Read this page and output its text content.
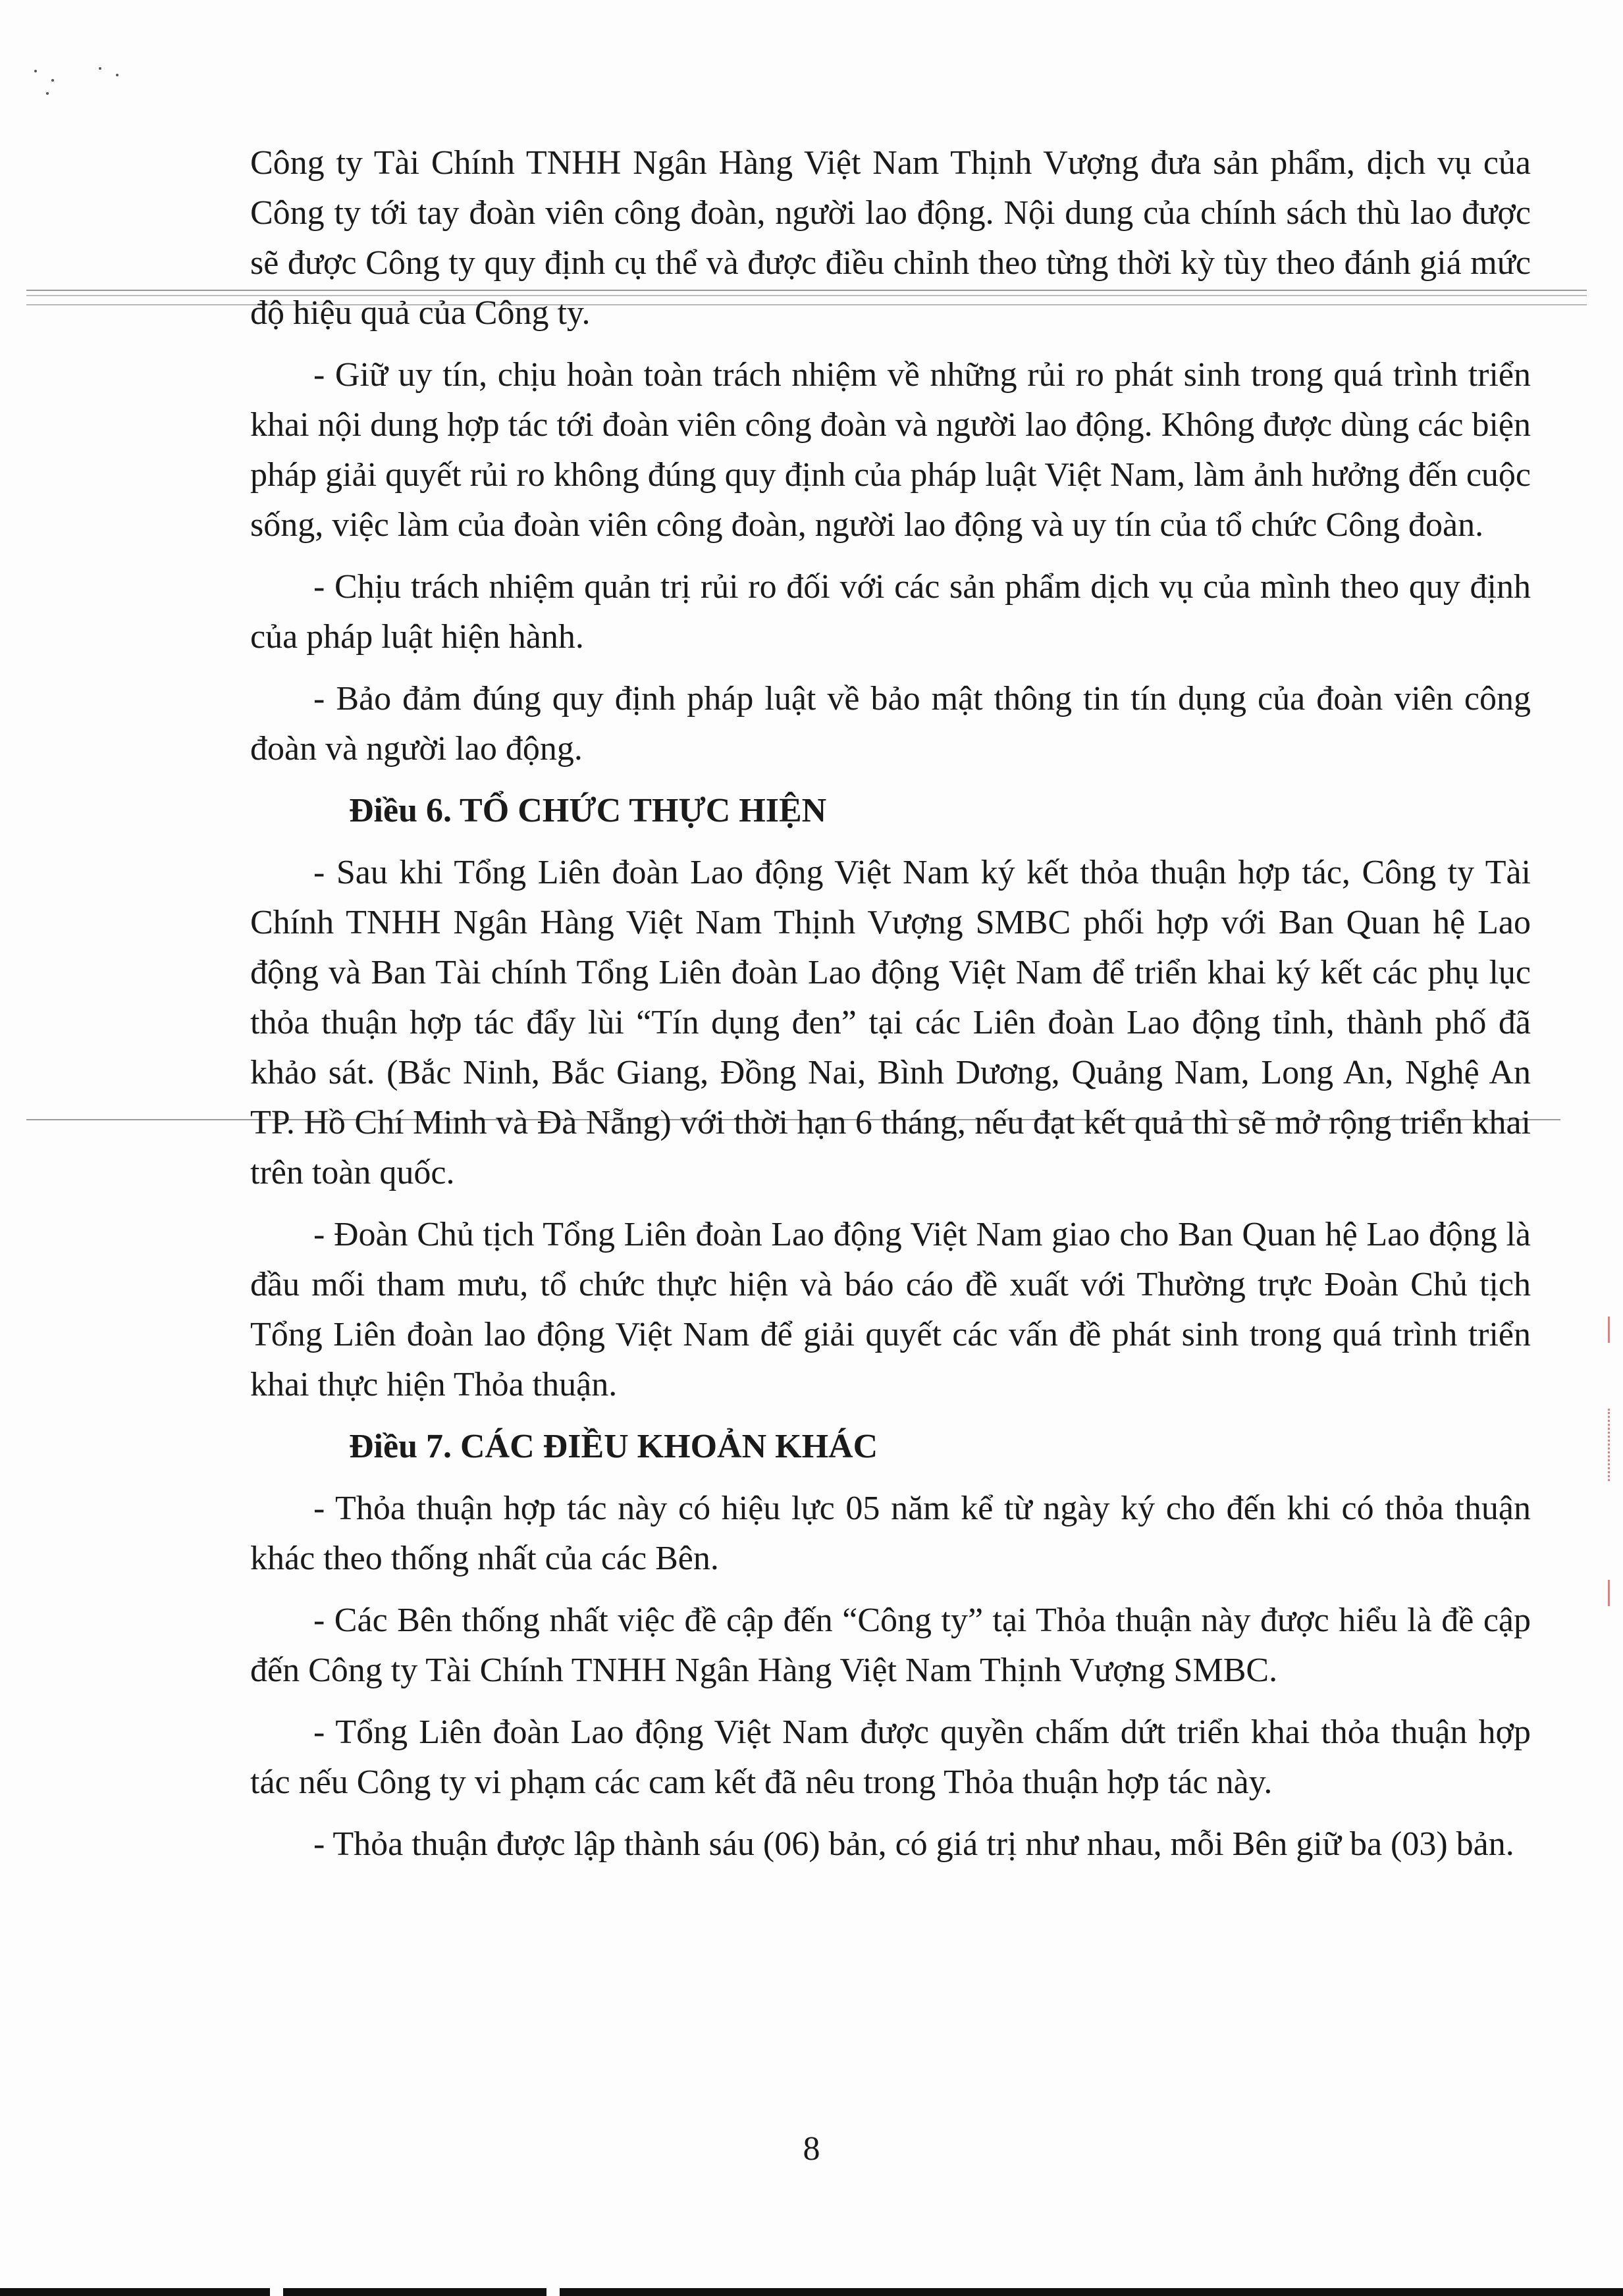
Công ty Tài Chính TNHH Ngân Hàng Việt Nam Thịnh Vượng đưa sản phẩm, dịch vụ của Công ty tới tay đoàn viên công đoàn, người lao động. Nội dung của chính sách thù lao được sẽ được Công ty quy định cụ thể và được điều chỉnh theo từng thời kỳ tùy theo đánh giá mức độ hiệu quả của Công ty.

- Giữ uy tín, chịu hoàn toàn trách nhiệm về những rủi ro phát sinh trong quá trình triển khai nội dung hợp tác tới đoàn viên công đoàn và người lao động. Không được dùng các biện pháp giải quyết rủi ro không đúng quy định của pháp luật Việt Nam, làm ảnh hưởng đến cuộc sống, việc làm của đoàn viên công đoàn, người lao động và uy tín của tổ chức Công đoàn.

- Chịu trách nhiệm quản trị rủi ro đối với các sản phẩm dịch vụ của mình theo quy định của pháp luật hiện hành.

- Bảo đảm đúng quy định pháp luật về bảo mật thông tin tín dụng của đoàn viên công đoàn và người lao động.

Điều 6. TỔ CHỨC THỰC HIỆN

- Sau khi Tổng Liên đoàn Lao động Việt Nam ký kết thỏa thuận hợp tác, Công ty Tài Chính TNHH Ngân Hàng Việt Nam Thịnh Vượng SMBC phối hợp với Ban Quan hệ Lao động và Ban Tài chính Tổng Liên đoàn Lao động Việt Nam để triển khai ký kết các phụ lục thỏa thuận hợp tác đẩy lùi “Tín dụng đen” tại các Liên đoàn Lao động tỉnh, thành phố đã khảo sát. (Bắc Ninh, Bắc Giang, Đồng Nai, Bình Dương, Quảng Nam, Long An, Nghệ An TP. Hồ Chí Minh và Đà Nẵng) với thời hạn 6 tháng, nếu đạt kết quả thì sẽ mở rộng triển khai trên toàn quốc.

- Đoàn Chủ tịch Tổng Liên đoàn Lao động Việt Nam giao cho Ban Quan hệ Lao động là đầu mối tham mưu, tổ chức thực hiện và báo cáo đề xuất với Thường trực Đoàn Chủ tịch Tổng Liên đoàn lao động Việt Nam để giải quyết các vấn đề phát sinh trong quá trình triển khai thực hiện Thỏa thuận.

Điều 7. CÁC ĐIỀU KHOẢN KHÁC

- Thỏa thuận hợp tác này có hiệu lực 05 năm kể từ ngày ký cho đến khi có thỏa thuận khác theo thống nhất của các Bên.

- Các Bên thống nhất việc đề cập đến “Công ty” tại Thỏa thuận này được hiểu là đề cập đến Công ty Tài Chính TNHH Ngân Hàng Việt Nam Thịnh Vượng SMBC.

- Tổng Liên đoàn Lao động Việt Nam được quyền chấm dứt triển khai thỏa thuận hợp tác nếu Công ty vi phạm các cam kết đã nêu trong Thỏa thuận hợp tác này.

- Thỏa thuận được lập thành sáu (06) bản, có giá trị như nhau, mỗi Bên giữ ba (03) bản.

8
